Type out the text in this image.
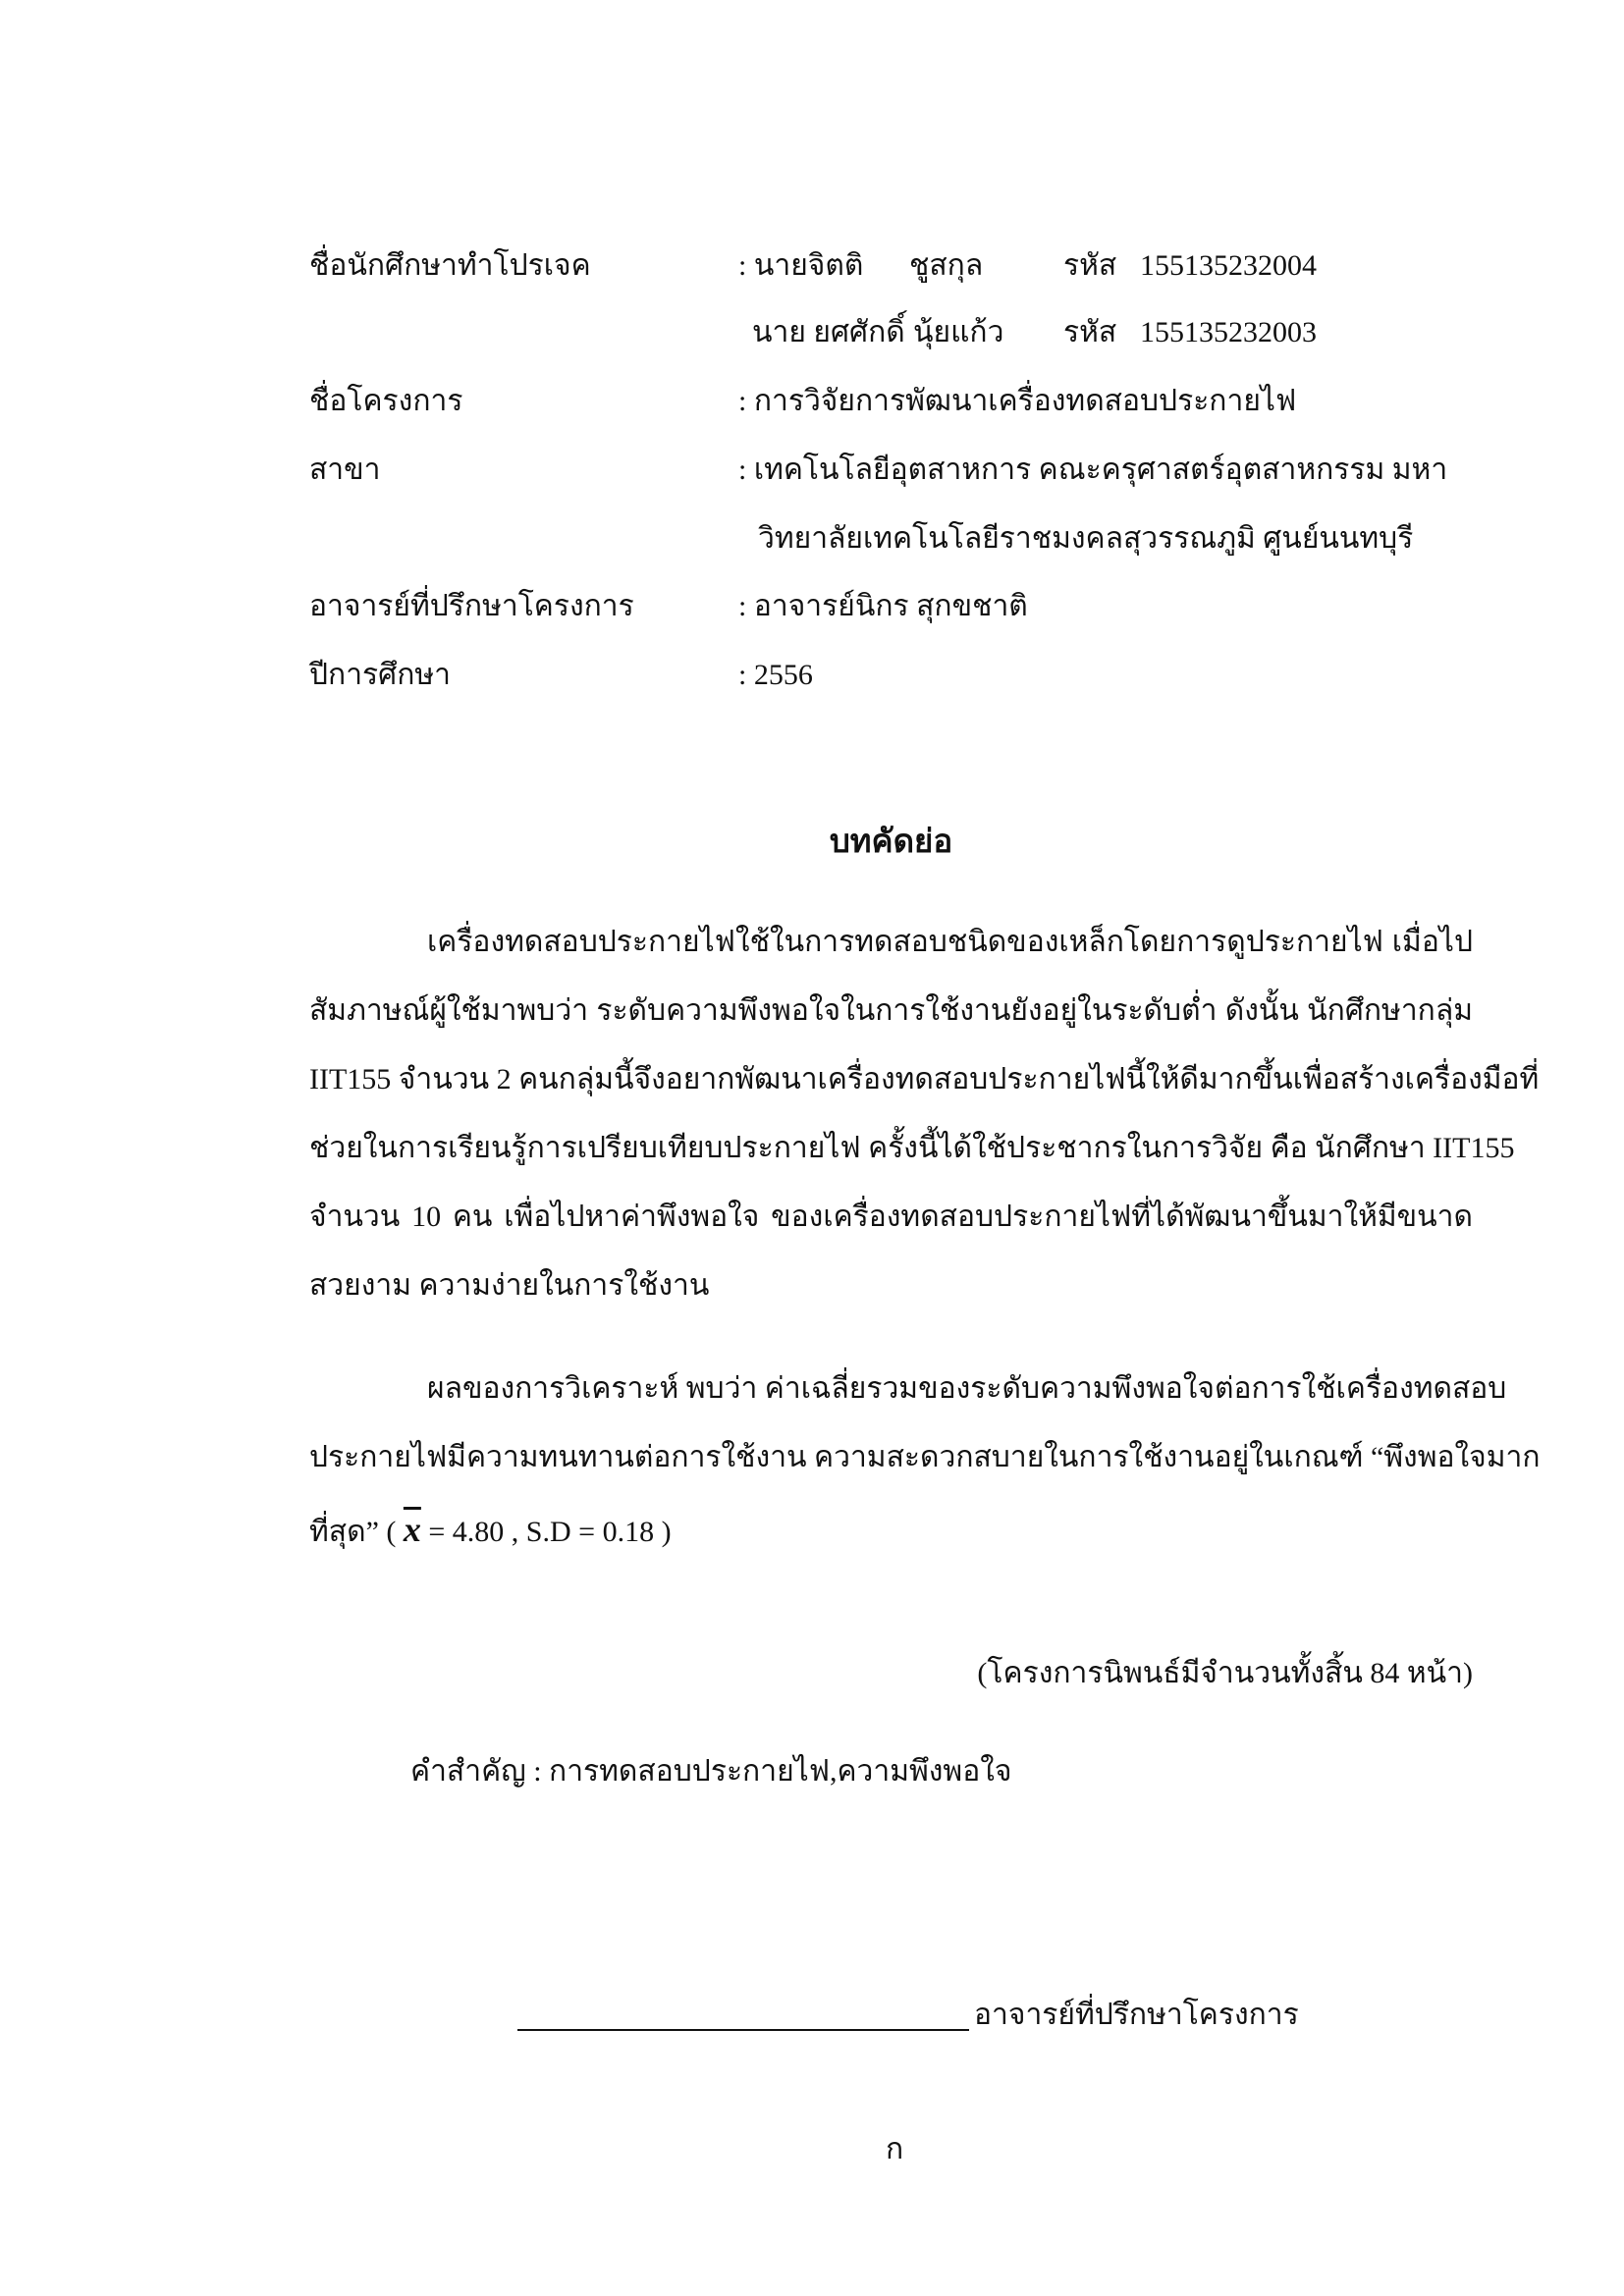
ชื่อนักศึกษาทำโปรเจค	: นายจิตติ ชูสกุล	รหัส 155135232004
นาย ยศศักดิ์ นุ้ยแก้ว รหัส 155135232003
ชื่อโครงการ	: การวิจัยการพัฒนาเครื่องทดสอบประกายไฟ
สาขา	: เทคโนโลยีอุตสาหการ คณะครุศาสตร์อุตสาหกรรม มหา
วิทยาลัยเทคโนโลยีราชมงคลสุวรรณภูมิ ศูนย์นนทบุรี
อาจารย์ที่ปรึกษาโครงการ	: อาจารย์นิกร สุกขชาติ
ปีการศึกษา	: 2556
บทคัดย่อ
เครื่องทดสอบประกายไฟใช้ในการทดสอบชนิดของเหล็กโดยการดูประกายไฟ เมื่อไป
สัมภาษณ์ผู้ใช้มาพบว่า ระดับความพึงพอใจในการใช้งานยังอยู่ในระดับต่ำ ดังนั้น นักศึกษากลุ่ม
IIT155 จำนวน 2 คนกลุ่มนี้จึงอยากพัฒนาเครื่องทดสอบประกายไฟนี้ให้ดีมากขึ้นเพื่อสร้างเครื่องมือที่
ช่วยในการเรียนรู้การเปรียบเทียบประกายไฟ ครั้งนี้ได้ใช้ประชากรในการวิจัย คือ นักศึกษา IIT155
จำนวน 10 คน เพื่อไปหาค่าพึงพอใจ ของเครื่องทดสอบประกายไฟที่ได้พัฒนาขึ้นมาให้มีขนาด
สวยงาม ความง่ายในการใช้งาน
ผลของการวิเคราะห์ พบว่า ค่าเฉลี่ยรวมของระดับความพึงพอใจต่อการใช้เครื่องทดสอบ
ประกายไฟมีความทนทานต่อการใช้งาน ความสะดวกสบายในการใช้งานอยู่ในเกณฑ์ “พึงพอใจมาก
ที่สุด” ( $\overline{x} = 4.80$ , S.D = 0.18 )
(โครงการนิพนธ์มีจำนวนทั้งสิ้น 84 หน้า)
คำสำคัญ : การทดสอบประกายไฟ,ความพึงพอใจ
อาจารย์ที่ปรึกษาโครงการ
ก
